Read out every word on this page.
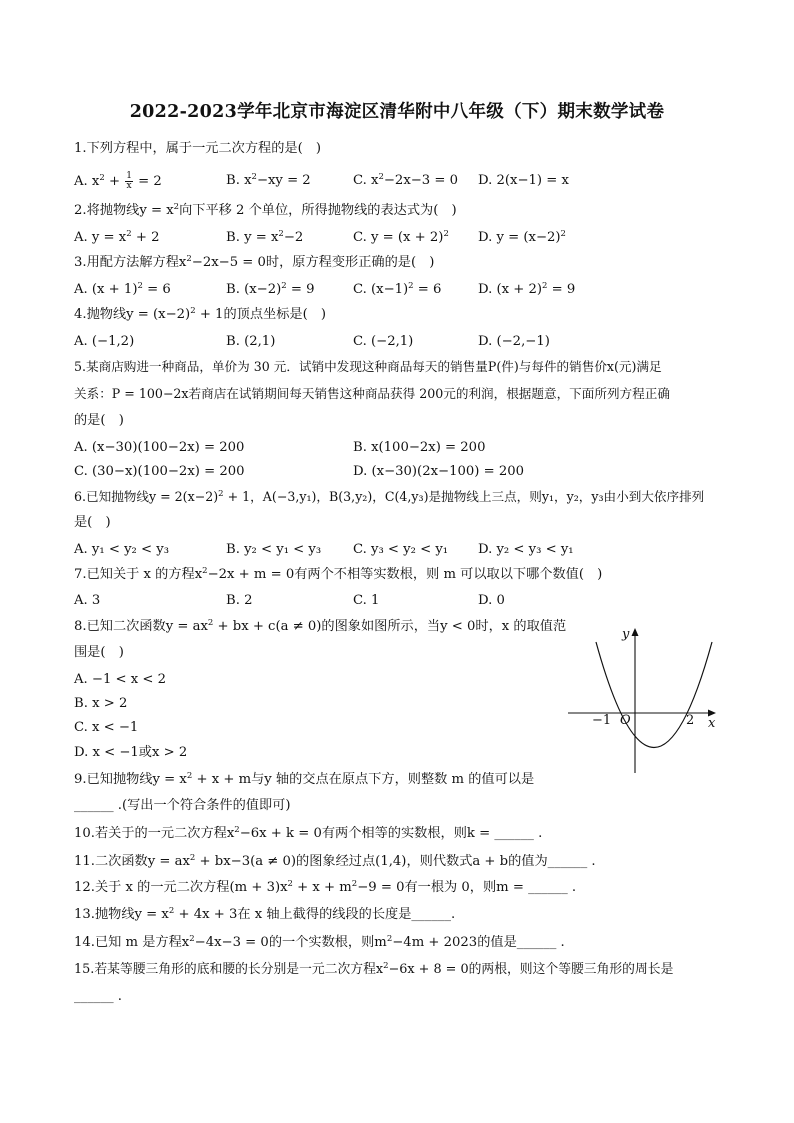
2022-2023学年北京市海淀区清华附中八年级（下）期末数学试卷
1.下列方程中，属于一元二次方程的是(　)
A. $x^2 + \frac{1}{x} = 2$	B. $x^2-xy = 2$	C. $x^2-2x-3 = 0$ D. 2(x−1) = x
2.将抛物线$y = x^2$向下平移 2 个单位，所得抛物线的表达式为(　)
A. $y = x^2 + 2$	B. $y = x^2-2$	C. $y = (x + 2)^2$ D. $y = (x-2)^2$
3.用配方法解方程$x^2-2x-5 = 0$时，原方程变形正确的是(　)
A. $(x + 1)^2 = 6$	B. $(x-2)^2 = 9$	C. $(x-1)^2 = 6$	D. $(x + 2)^2 = 9$
4.抛物线$y = (x-2)^2 + 1$的顶点坐标是(　)
A. (−1,2)	B. (2,1)	C. (−2,1)	D. (−2,−1)
5.某商店购进一种商品，单价为 30 元．试销中发现这种商品每天的销售量P(件)与每件的销售价x(元)满足
关系：P = 100−2x若商店在试销期间每天销售这种商品获得 200元的利润，根据题意，下面所列方程正确
的是(　)
A. (x−30)(100−2x) = 200	B. x(100−2x) = 200
C. (30−x)(100−2x) = 200	D. (x−30)(2x−100) = 200
6.已知抛物线$y = 2(x-2)^2 + 1$，A(−3,y₁)，B(3,y₂)，C(4,y₃)是抛物线上三点，则y₁，y₂，y₃由小到大依序排列
是(　)
A. y₁ < y₂ < y₃	B. y₂ < y₁ < y₃ C. y₃ < y₂ < y₁ D. y₂ < y₃ < y₁
7.已知关于 x 的方程$x^2-2x + m = 0$有两个不相等实数根，则 m 可以取以下哪个数值(　)
A. 3	B. 2	C. 1	D. 0
8.已知二次函数$y = ax^2$ + bx + c(a ≠ 0)的图象如图所示，当y < 0时，x 的取值范
围是(　)
A. −1 < x < 2
B. x > 2
C. x < −1
D. x < −1或x > 2
y
x
O
−1	2
9.已知抛物线$y = x^2 + x + m$与y 轴的交点在原点下方，则整数 m 的值可以是
______ .(写出一个符合条件的值即可)
10.若关于的一元二次方程$x^2-6x + k = 0$有两个相等的实数根，则k = ______ .
11.二次函数$y = ax^2 + bx-3(a \ne 0)$的图象经过点(1,4)，则代数式a + b的值为______ .
12.关于 x 的一元二次方程$(m + 3)x^2 + x + m^2-9 = 0$有一根为 0，则m = ______ .
13.抛物线$y = x^2 + 4x + 3$在 x 轴上截得的线段的长度是______.
14.已知 m 是方程$x^2-4x-3 = 0$的一个实数根，则$m^2-4m + 2023$的值是______ .
15.若某等腰三角形的底和腰的长分别是一元二次方程$x^2-6x + 8 = 0$的两根，则这个等腰三角形的周长是
______ .
